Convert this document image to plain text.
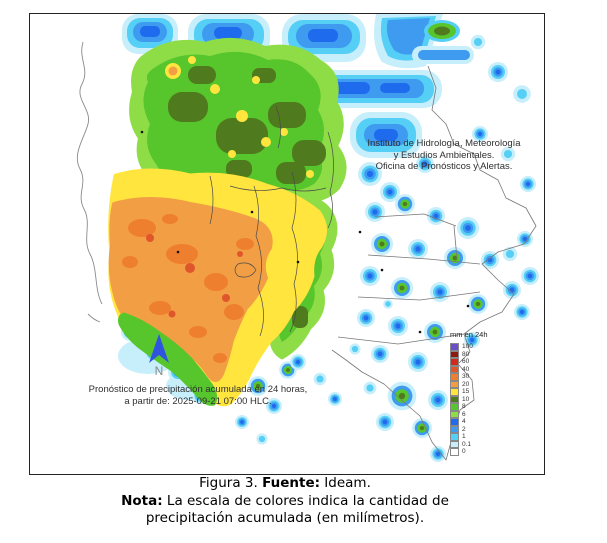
Instituto de Hidrología, Meteorología
y Estudios Ambientales.
Oficina de Pronósticos y Alertas.
N
Pronóstico de precipitación acumulada en 24 horas,
a partir de: 2025-09-21 07:00 HLC.
mm en 24h
100
80
60
40
30
20
15
10
8
6
4
2
1
0.1
0
Figura 3. Fuente: Ideam.
Nota: La escala de colores indica la cantidad de
precipitación acumulada (en milímetros).
